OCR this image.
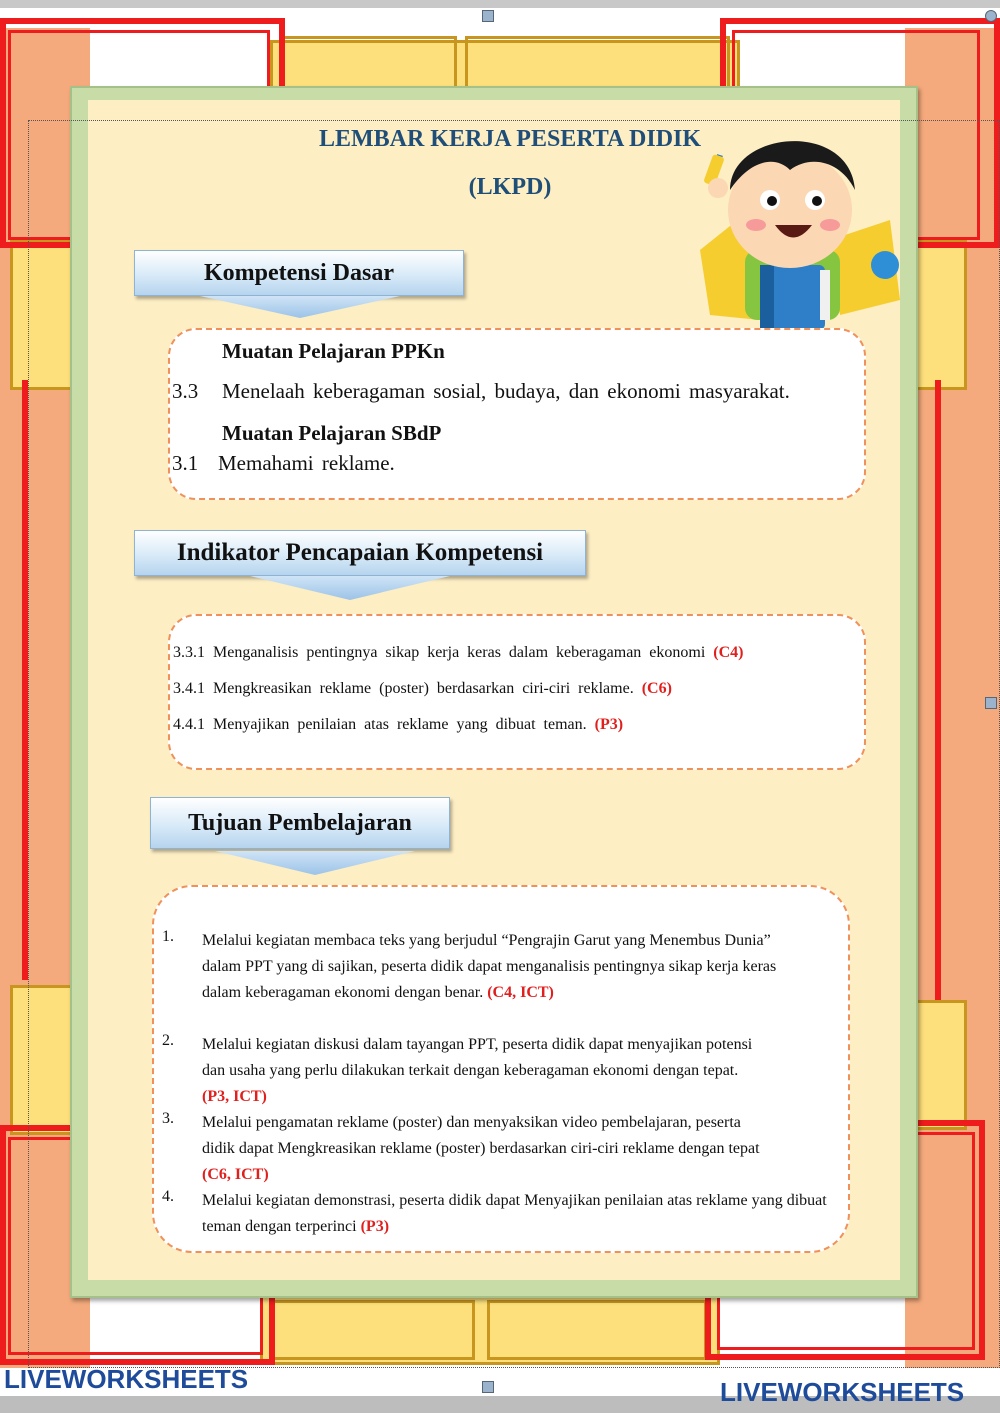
LEMBAR KERJA PESERTA DIDIK
(LKPD)
Kompetensi Dasar
Muatan Pelajaran PPKn
3.3 Menelaah keberagaman sosial, budaya, dan ekonomi masyarakat.
Muatan Pelajaran SBdP
3.1 Memahami reklame.
Indikator Pencapaian Kompetensi
3.3.1 Menganalisis pentingnya sikap kerja keras dalam keberagaman ekonomi (C4)
3.4.1 Mengkreasikan reklame (poster) berdasarkan ciri-ciri reklame. (C6)
4.4.1 Menyajikan penilaian atas reklame yang dibuat teman. (P3)
Tujuan Pembelajaran
1.	Melalui kegiatan membaca teks yang berjudul “Pengrajin Garut yang Menembus Dunia” dalam PPT yang di sajikan, peserta didik dapat menganalisis pentingnya sikap kerja keras dalam keberagaman ekonomi dengan benar. (C4, ICT)
2.	Melalui kegiatan diskusi dalam tayangan PPT, peserta didik dapat menyajikan potensi dan usaha yang perlu dilakukan terkait dengan keberagaman ekonomi dengan tepat. (P3, ICT)
3.	Melalui pengamatan reklame (poster) dan menyaksikan video pembelajaran, peserta didik dapat Mengkreasikan reklame (poster) berdasarkan ciri-ciri reklame dengan tepat (C6, ICT)
4.	Melalui kegiatan demonstrasi, peserta didik dapat Menyajikan penilaian atas reklame yang dibuat teman dengan terperinci (P3)
LIVEWORKSHEETS	LIVEWORKSHEETS
